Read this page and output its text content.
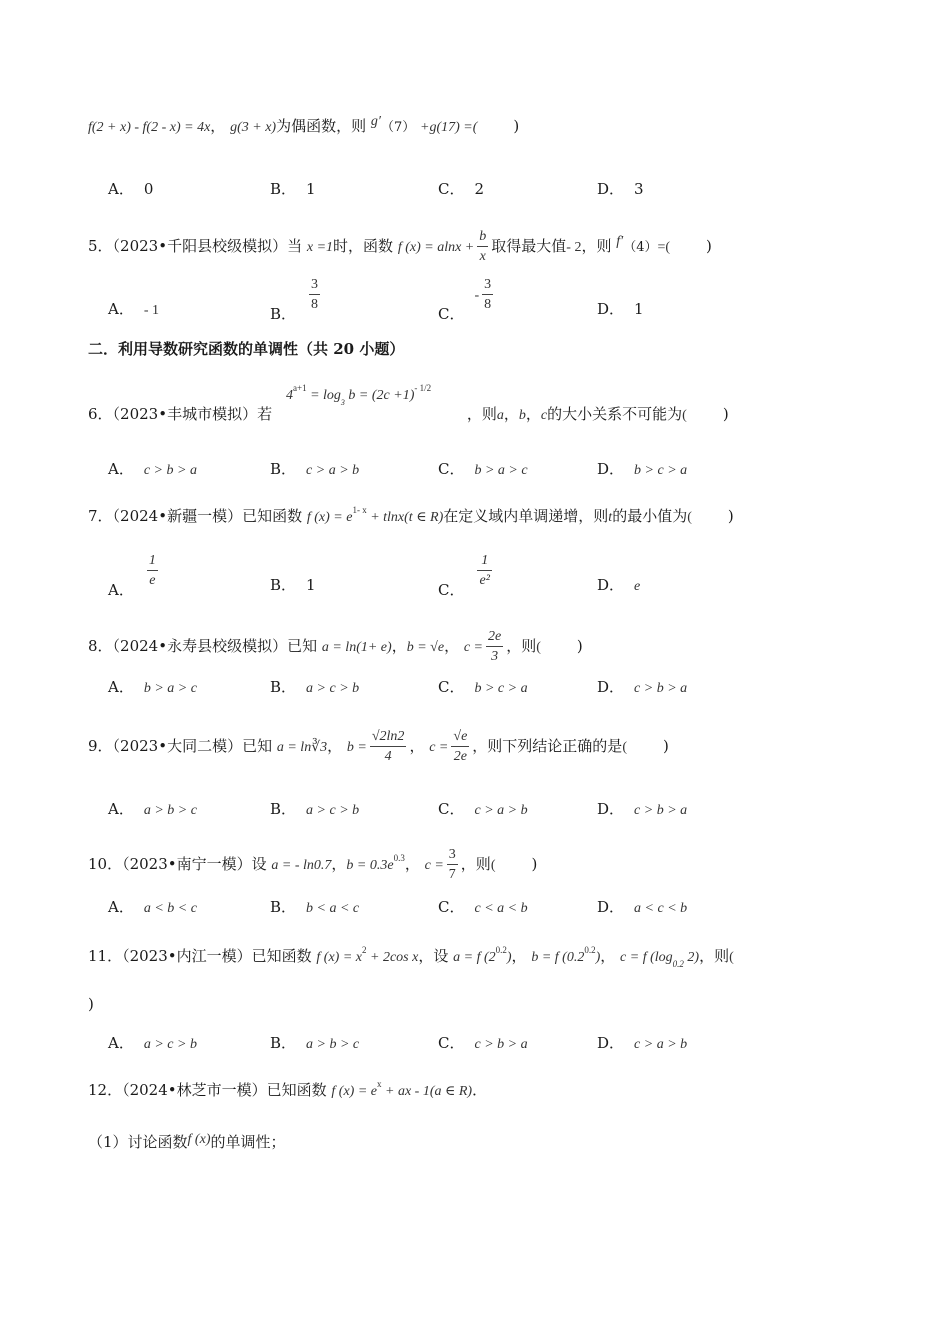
f(2 + x) - f(2 - x) = 4x， g(3 + x)为偶函数，则 g′（7） +g(17) =( )
A． 0	B． 1	C． 2	D． 3
5．（2023•千阳县校级模拟）当 x =1时，函数 f $(x) = alnx + \frac{b}{x}$ 取得最大值- 2，则 f′（4）=( )
A． - 1	B．
$\frac{3}{8}$
C．- $\frac{3}{8}$	D． 1
二．利用导数研究函数的单调性（共 20 小题）
$4^{a+1} = \log_3 b = (2c +1)^{- 1/2}$
6．（2023•丰城市模拟）若	，则a，b，c的大小关系不可能为( )
A． c > b > a	B． c > a > b	C． b > a > c	D． b > c > a
7．（2024•新疆一模）已知函数 f $(x) = e^{1- x} + tlnx(t$ ∈ R)在定义域内单调递增，则t的最小值为( )
A．
$\frac{1}{e}$	B． 1	C．
$\frac{1}{\text{e²}}$	D． e
8．（2024•永寿县校级模拟）已知 a = ln(1+ e)，b = √e， $c = \frac{2e}{3}$ ，则( )
A． b > a > c	B． a > c > b	C． b > c > a	D． c > b > a
9．（2023•大同二模）已知 a = ln∛3， $b = \frac{√2\ln 2}{4}$ ， $c = \frac{√e}{2e}$ ，则下列结论正确的是( )
A． a > b > c	B． a > c > b	C． c > a > b	D． c > b > a
10．（2023•南宁一模）设 a = - ln0.7，$b = 0.3e^{0.3}$， $c = \frac{3}{7}$ ，则( )
A． a < b < c	B． b < a < c	C． c < a < b	D． a < c < b
11．（2023•内江一模）已知函数 f $(x) = x^2 + 2\cos$ x，设 a = f $(2^{0.2})$， b = f $(0.2^{0.2})$， c = f ($\log_{0.2}$ 2)，则(
)
A． a > c > b	B． a > b > c	C． c > b > a	D． c > a > b
12．（2024•林芝市一模）已知函数 f $(x) = e^x$ + ax - 1(a ∈ R)．
（1）讨论函数f (x)的单调性；
